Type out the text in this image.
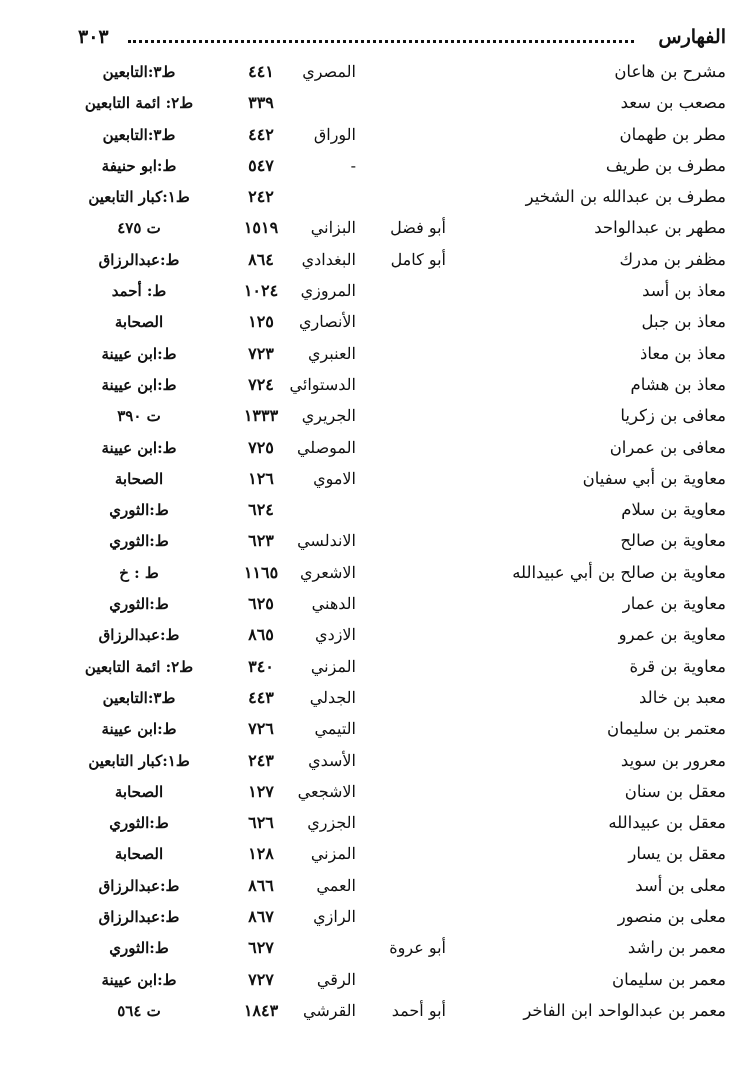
الفهارس
٣٠٣
مشرح بن هاعان
المصري
٤٤١
ط٣:التابعين
مصعب بن سعد
٣٣٩
ط٢: ائمة التابعين
مطر بن طهمان
الوراق
٤٤٢
ط٣:التابعين
مطرف بن طريف
-
٥٤٧
ط:ابو حنيفة
مطرف بن عبدالله بن الشخير
٢٤٢
ط١:كبار التابعين
مطهر بن عبدالواحد
أبو فضل
البزاني
١٥١٩
ت ٤٧٥
مظفر بن مدرك
أبو كامل
البغدادي
٨٦٤
ط:عبدالرزاق
معاذ بن أسد
المروزي
١٠٢٤
ط: أحمد
معاذ بن جبل
الأنصاري
١٢٥
الصحابة
معاذ بن معاذ
العنبري
٧٢٣
ط:ابن عيينة
معاذ بن هشام
الدستوائي
٧٢٤
ط:ابن عيينة
معافى بن زكريا
الجريري
١٣٣٣
ت ٣٩٠
معافى بن عمران
الموصلي
٧٢٥
ط:ابن عيينة
معاوية بن أبي سفيان
الاموي
١٢٦
الصحابة
معاوية بن سلام
٦٢٤
ط:الثوري
معاوية بن صالح
الاندلسي
٦٢٣
ط:الثوري
معاوية بن صالح بن أبي عبيدالله
الاشعري
١١٦٥
ط : خ
معاوية بن عمار
الدهني
٦٢٥
ط:الثوري
معاوية بن عمرو
الازدي
٨٦٥
ط:عبدالرزاق
معاوية بن قرة
المزني
٣٤٠
ط٢: ائمة التابعين
معبد بن خالد
الجدلي
٤٤٣
ط٣:التابعين
معتمر بن سليمان
التيمي
٧٢٦
ط:ابن عيينة
معرور بن سويد
الأسدي
٢٤٣
ط١:كبار التابعين
معقل بن سنان
الاشجعي
١٢٧
الصحابة
معقل بن عبيدالله
الجزري
٦٢٦
ط:الثوري
معقل بن يسار
المزني
١٢٨
الصحابة
معلى بن أسد
العمي
٨٦٦
ط:عبدالرزاق
معلى بن منصور
الرازي
٨٦٧
ط:عبدالرزاق
معمر بن راشد
أبو عروة
٦٢٧
ط:الثوري
معمر بن سليمان
الرقي
٧٢٧
ط:ابن عيينة
معمر بن عبدالواحد ابن الفاخر
أبو أحمد
القرشي
١٨٤٣
ت ٥٦٤
